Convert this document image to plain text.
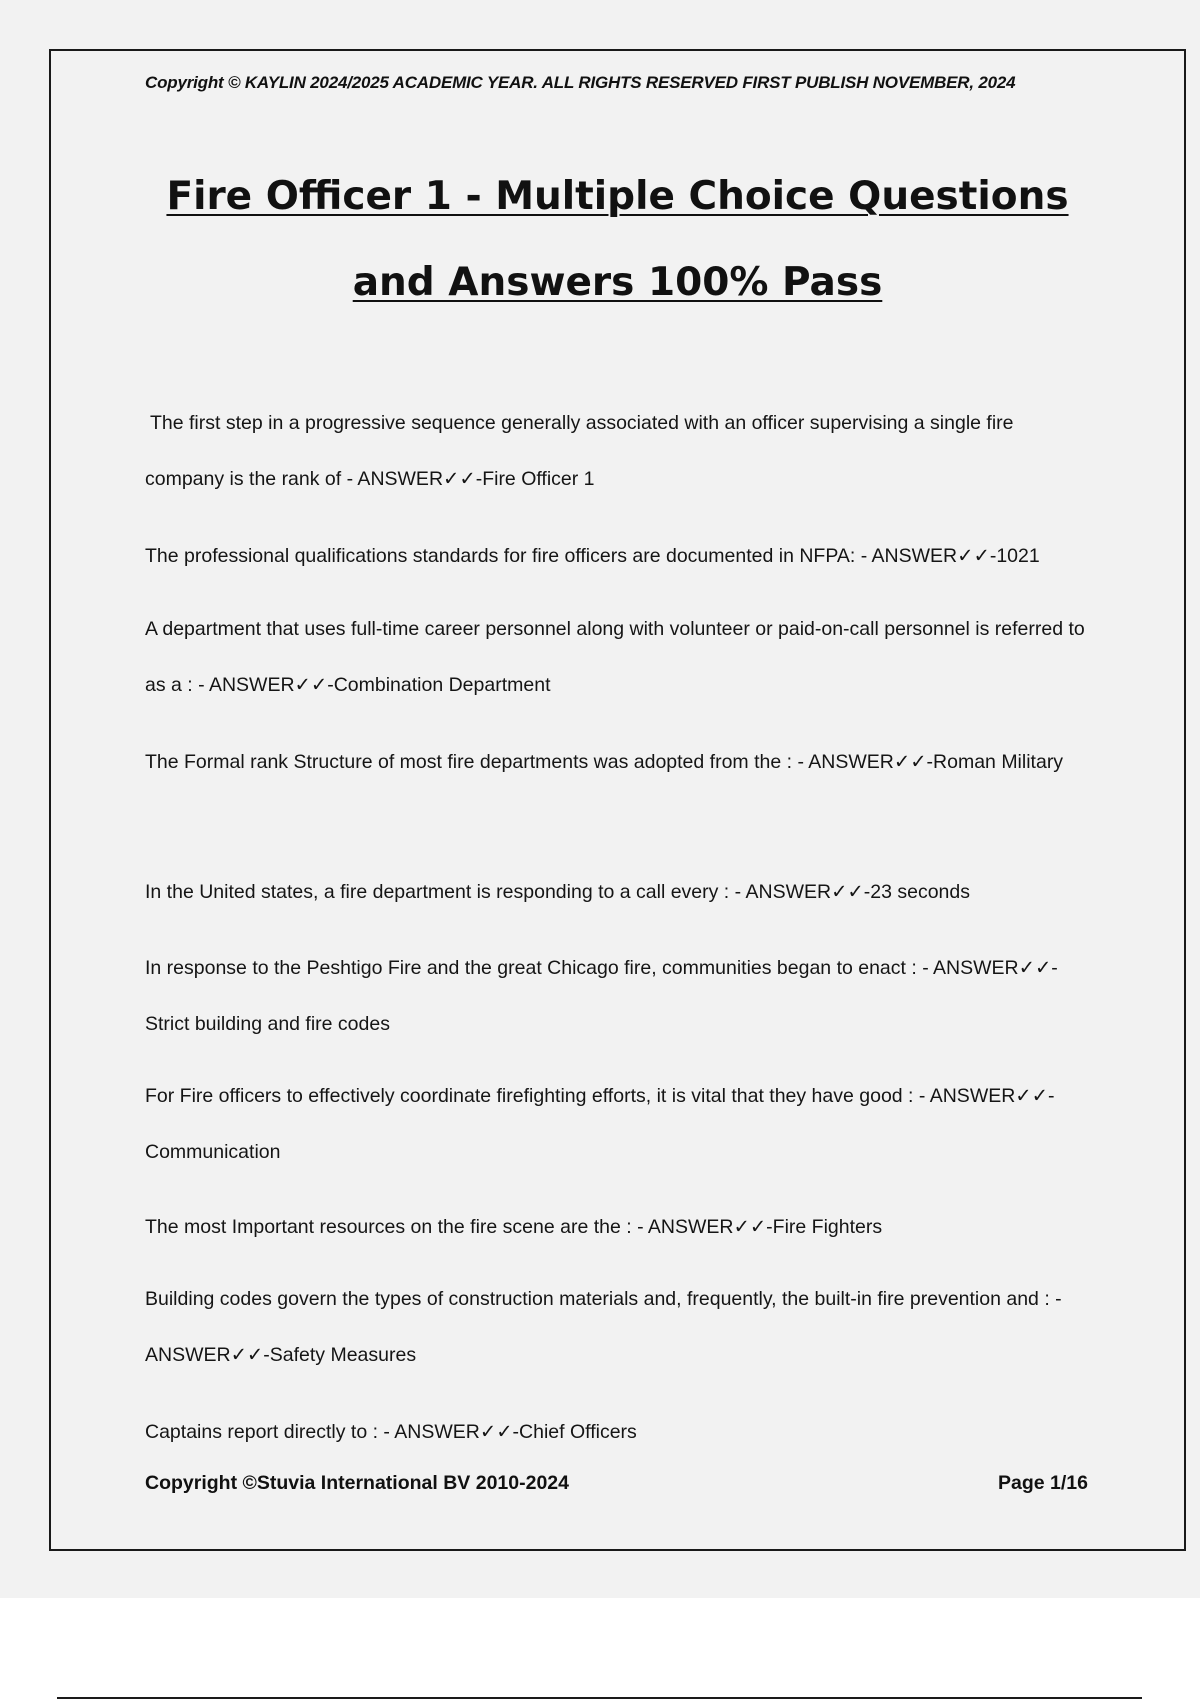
Copyright © KAYLIN 2024/2025 ACADEMIC YEAR. ALL RIGHTS RESERVED FIRST PUBLISH NOVEMBER, 2024
Fire Officer 1 - Multiple Choice Questions
and Answers 100% Pass
The first step in a progressive sequence generally associated with an officer supervising a single fire company is the rank of - ANSWER✓✓-Fire Officer 1
The professional qualifications standards for fire officers are documented in NFPA: - ANSWER✓✓-1021
A department that uses full-time career personnel along with volunteer or paid-on-call personnel is referred to as a : - ANSWER✓✓-Combination Department
The Formal rank Structure of most fire departments was adopted from the : - ANSWER✓✓-Roman Military
In the United states, a fire department is responding to a call every : - ANSWER✓✓-23 seconds
In response to the Peshtigo Fire and the great Chicago fire, communities began to enact : - ANSWER✓✓-Strict building and fire codes
For Fire officers to effectively coordinate firefighting efforts, it is vital that they have good : - ANSWER✓✓-Communication
The most Important resources on the fire scene are the : - ANSWER✓✓-Fire Fighters
Building codes govern the types of construction materials and, frequently, the built-in fire prevention and : - ANSWER✓✓-Safety Measures
Captains report directly to : - ANSWER✓✓-Chief Officers
Copyright ©Stuvia International BV 2010-2024	Page 1/16
